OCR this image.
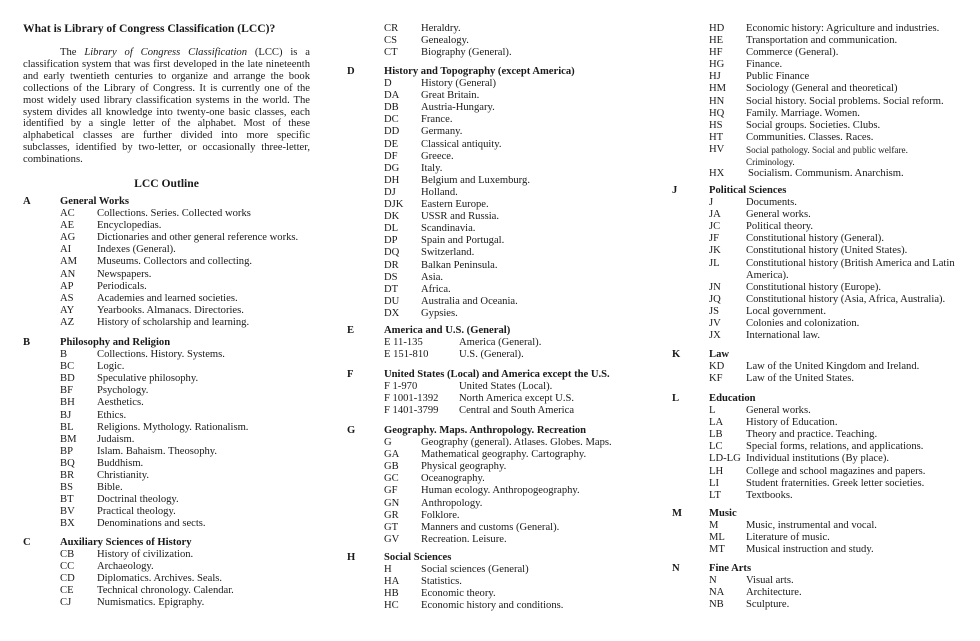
What is Library of Congress Classification (LCC)?
The Library of Congress Classification (LCC) is a classification system that was first developed in the late nineteenth and early twentieth centuries to organize and arrange the book collections of the Library of Congress. It is currently one of the most widely used library classification systems in the world. The system divides all knowledge into twenty-one basic classes, each identified by a single letter of the alphabet. Most of these alphabetical classes are further divided into more specific subclasses, identified by two-letter, or occasionally three-letter, combinations.
LCC Outline
A	General Works
AC Collections. Series. Collected works
AE Encyclopedias.
AG Dictionaries and other general reference works.
AI Indexes (General).
AM Museums. Collectors and collecting.
AN Newspapers.
AP Periodicals.
AS Academies and learned societies.
AY Yearbooks. Almanacs. Directories.
AZ History of scholarship and learning.
B	Philosophy and Religion
B	Collections. History. Systems.
BC Logic.
BD Speculative philosophy.
BF Psychology.
BH Aesthetics.
BJ Ethics.
BL Religions. Mythology. Rationalism.
BM Judaism.
BP Islam. Bahaism. Theosophy.
BQ Buddhism.
BR Christianity.
BS Bible.
BT Doctrinal theology.
BV Practical theology.
BX Denominations and sects.
C	Auxiliary Sciences of History
CB History of civilization.
CC Archaeology.
CD Diplomatics. Archives. Seals.
CE Technical chronology. Calendar.
CJ Numismatics. Epigraphy.
CR Heraldry.
CS Genealogy.
CT Biography (General).
D	History and Topography (except America)
D	History (General)
DA Great Britain.
DB Austria-Hungary.
DC France.
DD Germany.
DE Classical antiquity.
DF Greece.
DG Italy.
DH Belgium and Luxemburg.
DJ Holland.
DJK Eastern Europe.
DK USSR and Russia.
DL Scandinavia.
DP Spain and Portugal.
DQ Switzerland.
DR Balkan Peninsula.
DS Asia.
DT Africa.
DU Australia and Oceania.
DX Gypsies.
E	America and U.S. (General)
E 11-135	America (General).
E 151-810	U.S. (General).
F	United States (Local) and America except the U.S.
F 1-970	United States (Local).
F 1001-1392 North America except U.S.
F 1401-3799 Central and South America
G	Geography. Maps. Anthropology. Recreation
G	Geography (general). Atlases. Globes. Maps.
GA Mathematical geography. Cartography.
GB Physical geography.
GC Oceanography.
GF Human ecology. Anthropogeography.
GN Anthropology.
GR Folklore.
GT Manners and customs (General).
GV Recreation. Leisure.
H	Social Sciences
H	Social sciences (General)
HA Statistics.
HB Economic theory.
HC Economic history and conditions.
HD Economic history: Agriculture and industries.
HE Transportation and communication.
HF Commerce (General).
HG Finance.
HJ Public Finance
HM Sociology (General and theoretical)
HN Social history. Social problems. Social reform.
HQ Family. Marriage. Women.
HS Social groups. Societies. Clubs.
HT Communities. Classes. Races.
HV Social pathology. Social and public welfare. Criminology.
HX Socialism. Communism. Anarchism.
J	Political Sciences
J	Documents.
JA General works.
JC Political theory.
JF	Constitutional history (General).
JK Constitutional history (United States).
JL Constitutional history (British America and Latin America).
JN Constitutional history (Europe).
JQ Constitutional history (Asia, Africa, Australia).
JS	Local government.
JV Colonies and colonization.
JX International law.
K	Law
KD Law of the United Kingdom and Ireland.
KF Law of the United States.
L	Education
L	General works.
LA History of Education.
LB Theory and practice. Teaching.
LC Special forms, relations, and applications.
LD-LG Individual institutions (By place).
LH College and school magazines and papers.
LI	Student fraternities. Greek letter societies.
LT Textbooks.
M	Music
M	Music, instrumental and vocal.
ML Literature of music.
MT Musical instruction and study.
N	Fine Arts
N	Visual arts.
NA Architecture.
NB Sculpture.
